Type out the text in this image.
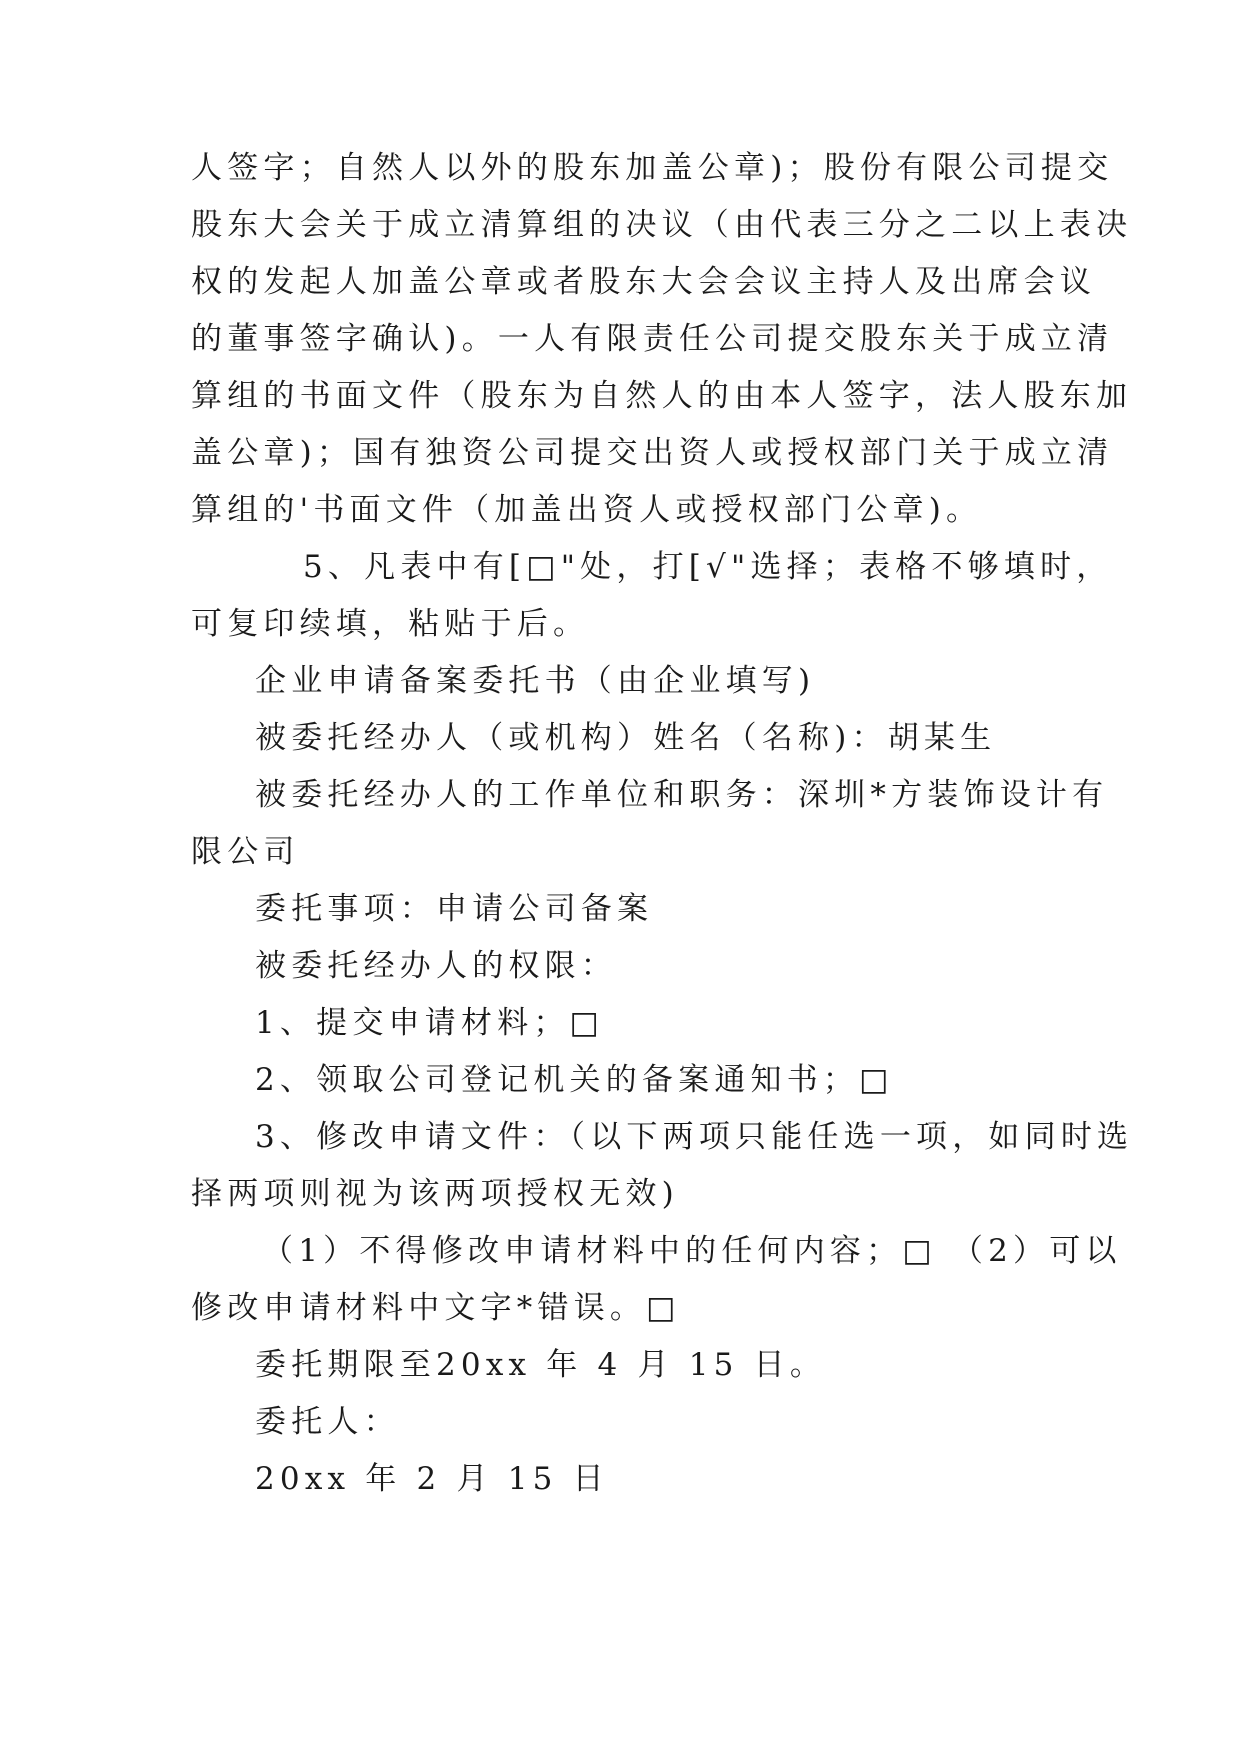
人签字；自然人以外的股东加盖公章)；股份有限公司提交
股东大会关于成立清算组的决议（由代表三分之二以上表决
权的发起人加盖公章或者股东大会会议主持人及出席会议
的董事签字确认)。一人有限责任公司提交股东关于成立清
算组的书面文件（股东为自然人的由本人签字，法人股东加
盖公章)；国有独资公司提交出资人或授权部门关于成立清
算组的'书面文件（加盖出资人或授权部门公章)。
5、凡表中有[□"处，打[√"选择；表格不够填时，
可复印续填，粘贴于后。
企业申请备案委托书（由企业填写)
被委托经办人（或机构）姓名（名称)：胡某生
被委托经办人的工作单位和职务：深圳*方装饰设计有
限公司
委托事项：申请公司备案
被委托经办人的权限：
1、提交申请材料；□
2、领取公司登记机关的备案通知书；□
3、修改申请文件：（以下两项只能任选一项，如同时选
择两项则视为该两项授权无效)
（1）不得修改申请材料中的任何内容；□ （2）可以
修改申请材料中文字*错误。□
委托期限至20xx 年 4 月 15 日。
委托人：
20xx 年 2 月 15 日
